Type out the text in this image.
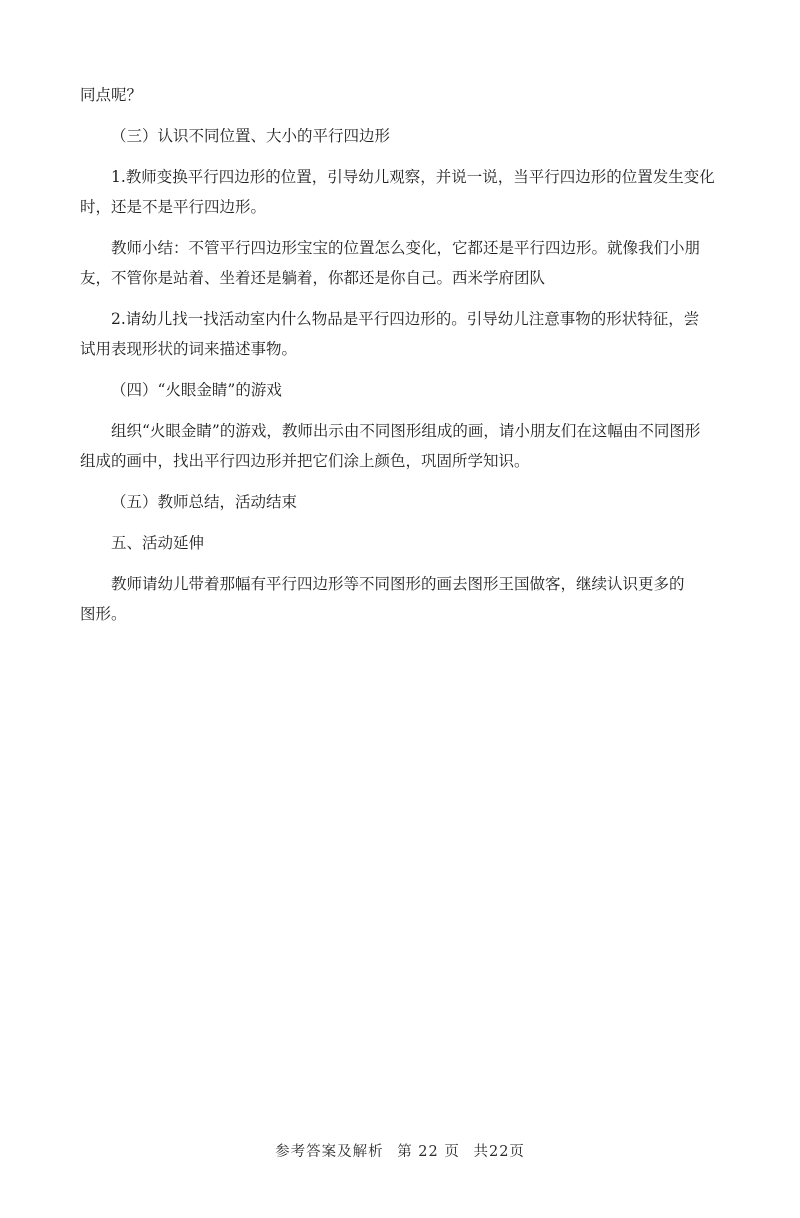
同点呢？

（三）认识不同位置、大小的平行四边形

1.教师变换平行四边形的位置，引导幼儿观察，并说一说，当平行四边形的位置发生变化

时，还是不是平行四边形。

教师小结：不管平行四边形宝宝的位置怎么变化，它都还是平行四边形。就像我们小朋

友，不管你是站着、坐着还是躺着，你都还是你自己。西米学府团队

2.请幼儿找一找活动室内什么物品是平行四边形的。引导幼儿注意事物的形状特征，尝

试用表现形状的词来描述事物。

（四）“火眼金睛”的游戏

组织“火眼金睛”的游戏，教师出示由不同图形组成的画，请小朋友们在这幅由不同图形

组成的画中，找出平行四边形并把它们涂上颜色，巩固所学知识。

（五）教师总结，活动结束

五、活动延伸

教师请幼儿带着那幅有平行四边形等不同图形的画去图形王国做客，继续认识更多的

图形。

参考答案及解析 第 22 页 共22页
